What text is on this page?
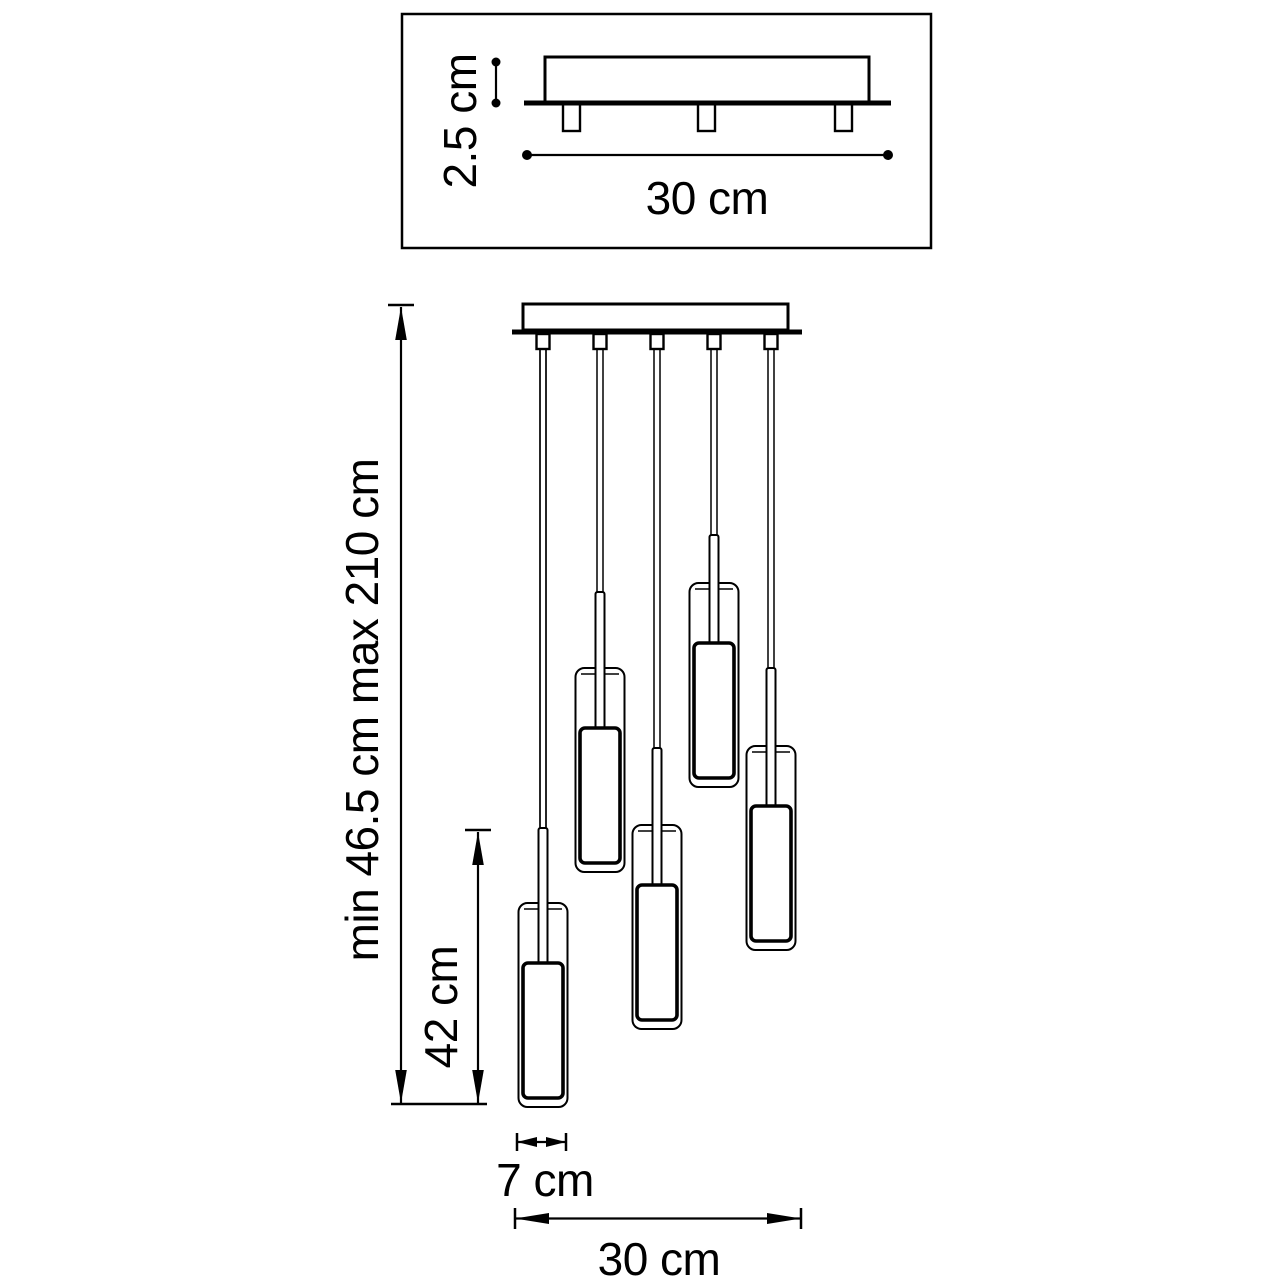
2.5 cm
30 cm
min 46.5 cm max 210 cm
42 cm
7 cm
30 cm
